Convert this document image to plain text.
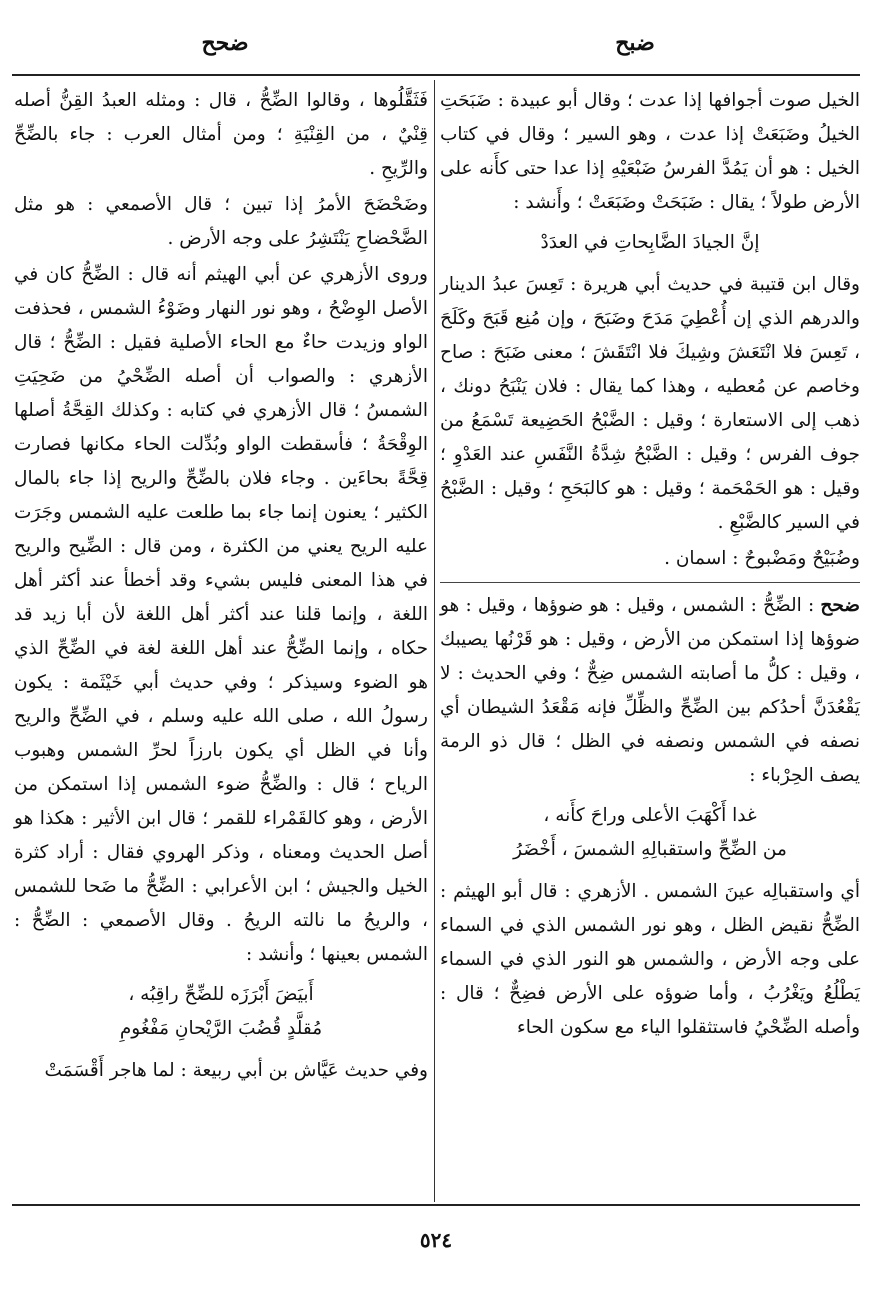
ضبح
ضحح

الخيل صوت أجوافها إذا عدت ؛ وقال أبو عبيدة : ضَبَحَتِ الخيلُ وضَبَعَتْ إذا عدت ، وهو السير ؛ وقال في كتاب الخيل : هو أن يَمُدَّ الفرسُ ضَبْعَيْهِ إذا عدا حتى كأَنه على الأرض طولاً ؛ يقال : ضَبَحَتْ وضَبَعَتْ ؛ وأَنشد :

إنَّ الجيادَ الضَّابِحاتِ في العدَدْ

وقال ابن قتيبة في حديث أبي هريرة : تَعِسَ عبدُ الدينار والدرهم الذي إن أُعْطِيَ مَدَحَ وضَبَحَ ، وإن مُنِع قَبَحَ وكَلَحَ ، تَعِسَ فلا انْتَعَشَ وشِيكَ فلا انْتَقَشَ ؛ معنى ضَبَحَ : صاح وخاصم عن مُعطيه ، وهذا كما يقال : فلان يَنْبَحُ دونك ، ذهب إلى الاستعارة ؛ وقيل : الضَّبْحُ الحَضِيعة تَسْمَعُ من جوف الفرس ؛ وقيل : الضَّبْحُ شِدَّةُ النَّفَسِ عند العَدْوِ ؛ وقيل : هو الحَمْحَمة ؛ وقيل : هو كالبَحَحِ ؛ وقيل : الضَّبْحُ في السير كالضَّبْعِ .

وضُبَيْحٌ ومَضْبوحٌ : اسمان .

ضحح : الضِّحُّ : الشمس ، وقيل : هو ضوؤها ، وقيل : هو ضوؤها إذا استمكن من الأرض ، وقيل : هو قَرْنُها يصيبك ، وقيل : كلُّ ما أصابته الشمس ضِحٌّ ؛ وفي الحديث : لا يَقْعُدَنَّ أحدُكم بين الضِّحِّ والظِّلِّ فإنه مَقْعَدُ الشيطان أي نصفه في الشمس ونصفه في الظل ؛ قال ذو الرمة يصف الحِرْباء :

غدا أَكْهَبَ الأعلى وراحَ كأَنه ،
من الضِّحِّ واستقبالِهِ الشمسَ ، أَخْضَرُ

أي واستقبالِه عينَ الشمس . الأزهري : قال أبو الهيثم : الضِّحُّ نقيض الظل ، وهو نور الشمس الذي في السماء على وجه الأرض ، والشمس هو النور الذي في السماء يَطْلُعُ ويَغْرُبُ ، وأما ضوؤه على الأرض فضِحٌّ ؛ قال : وأصله الضِّحْيُ فاستثقلوا الياء مع سكون الحاء

فَثَقَّلُوها ، وقالوا الضِّحُّ ، قال : ومثله العبدُ القِنُّ أصله قِنْيٌ ، من القِنْيَةِ ؛ ومن أمثال العرب : جاء بالضِّحِّ والرِّيحِ .

وضَحْضَحَ الأمرُ إذا تبين ؛ قال الأصمعي : هو مثل الضَّحْضاحِ يَنْتَشِرُ على وجه الأرض .

وروى الأزهري عن أبي الهيثم أنه قال : الضِّحُّ كان في الأصل الوِضْحُ ، وهو نور النهار وضَوْءُ الشمس ، فحذفت الواو وزيدت حاءٌ مع الحاء الأصلية فقيل : الضِّحُّ ؛ قال الأزهري : والصواب أن أصله الضِّحْيُ من ضَحِيَتِ الشمسُ ؛ قال الأزهري في كتابه : وكذلك القِحَّةُ أصلها الوِقْحَةُ ؛ فأسقطت الواو وبُدِّلت الحاء مكانها فصارت قِحَّةً بحاءَين . وجاء فلان بالضِّحِّ والريح إذا جاء بالمال الكثير ؛ يعنون إنما جاء بما طلعت عليه الشمس وجَرَت عليه الريح يعني من الكثرة ، ومن قال : الضِّيح والريح في هذا المعنى فليس بشيء وقد أخطأ عند أكثر أهل اللغة ، وإنما قلنا عند أكثر أهل اللغة لأن أبا زيد قد حكاه ، وإنما الضِّحُّ عند أهل اللغة لغة في الضِّحِّ الذي هو الضوء وسيذكر ؛ وفي حديث أبي خَيْثَمة : يكون رسولُ الله ، صلى الله عليه وسلم ، في الضِّحِّ والريح وأنا في الظل أي يكون بارزاً لحرِّ الشمس وهبوب الرياح ؛ قال : والضِّحُّ ضوء الشمس إذا استمكن من الأرض ، وهو كالقَمْراء للقمر ؛ قال ابن الأثير : هكذا هو أصل الحديث ومعناه ، وذكر الهروي فقال : أراد كثرة الخيل والجيش ؛ ابن الأعرابي : الضِّحُّ ما ضَحا للشمس ، والريحُ ما نالته الريحُ . وقال الأصمعي : الضِّحُّ : الشمس بعينها ؛ وأنشد :

أَبيَضَ أَبْرَزَه للضِّحِّ راقِبُه ،
مُقلَّدٍ قُضُبَ الرَّيْحانِ مَفْغُومِ

وفي حديث عَيَّاش بن أبي ربيعة : لما هاجر أَقْسَمَتْ

٥٢٤
